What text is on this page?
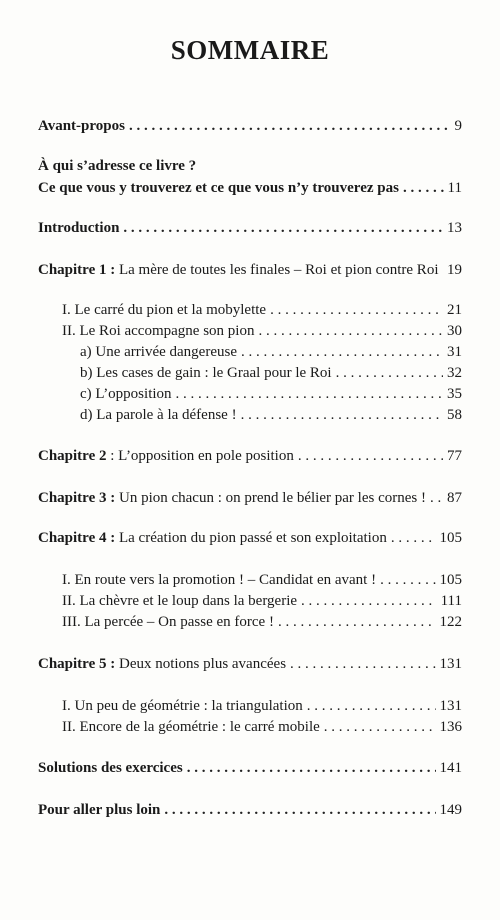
SOMMAIRE
Avant-propos . . .	9
À qui s’adresse ce livre ?
Ce que vous y trouverez et ce que vous n’y trouverez pas . . .	11
Introduction . . .	13
Chapitre 1 : La mère de toutes les finales – Roi et pion contre Roi . . . 19
I. Le carré du pion et la mobylette . . .	21
II. Le Roi accompagne son pion . . .	30
a) Une arrivée dangereuse . . .	31
b) Les cases de gain : le Graal pour le Roi . . .	32
c) L’opposition . . .	35
d) La parole à la défense ! . . .	58
Chapitre 2 : L’opposition en pole position . . .	77
Chapitre 3 : Un pion chacun : on prend le bélier par les cornes ! . . . 87
Chapitre 4 : La création du pion passé et son exploitation . . .	105
I. En route vers la promotion ! – Candidat en avant ! . . .	105
II. La chèvre et le loup dans la bergerie . . .	111
III. La percée – On passe en force ! . . .	122
Chapitre 5 : Deux notions plus avancées . . .	131
I. Un peu de géométrie : la triangulation . . .	131
II. Encore de la géométrie : le carré mobile . . .	136
Solutions des exercices . . .	141
Pour aller plus loin . . .	149
